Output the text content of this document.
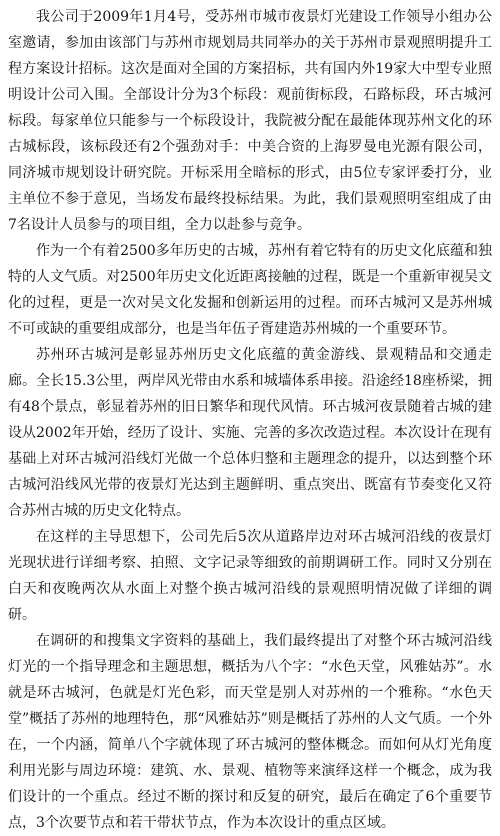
我公司于2009年1月4号，受苏州市城市夜景灯光建设工作领导小组办公室邀请，参加由该部门与苏州市规划局共同举办的关于苏州市景观照明提升工程方案设计招标。这次是面对全国的方案招标，共有国内外19家大中型专业照明设计公司入围。全部设计分为3个标段：观前街标段，石路标段，环古城河标段。每家单位只能参与一个标段设计，我院被分配在最能体现苏州文化的环古城标段，该标段还有2个强劲对手：中美合资的上海罗曼电光源有限公司，同济城市规划设计研究院。开标采用全暗标的形式，由5位专家评委打分，业主单位不参于意见，当场发布最终投标结果。为此，我们景观照明室组成了由7名设计人员参与的项目组，全力以赴参与竞争。

作为一个有着2500多年历史的古城，苏州有着它特有的历史文化底蕴和独特的人文气质。对2500年历史文化近距离接触的过程，既是一个重新审视吴文化的过程，更是一次对吴文化发掘和创新运用的过程。而环古城河又是苏州城不可或缺的重要组成部分，也是当年伍子胥建造苏州城的一个重要环节。

苏州环古城河是彰显苏州历史文化底蕴的黄金游线、景观精品和交通走廊。全长15.3公里，两岸风光带由水系和城墙体系串接。沿途经18座桥梁，拥有48个景点，彰显着苏州的旧日繁华和现代风情。环古城河夜景随着古城的建设从2002年开始，经历了设计、实施、完善的多次改造过程。本次设计在现有基础上对环古城河沿线灯光做一个总体归整和主题理念的提升，以达到整个环古城河沿线风光带的夜景灯光达到主题鲜明、重点突出、既富有节奏变化又符合苏州古城的历史文化特点。

在这样的主导思想下，公司先后5次从道路岸边对环古城河沿线的夜景灯光现状进行详细考察、拍照、文字记录等细致的前期调研工作。同时又分别在白天和夜晚两次从水面上对整个换古城河沿线的景观照明情况做了详细的调研。

在调研的和搜集文字资料的基础上，我们最终提出了对整个环古城河沿线灯光的一个指导理念和主题思想，概括为八个字：“水色天堂，风雅姑苏”。水就是环古城河，色就是灯光色彩，而天堂是别人对苏州的一个雅称。“水色天堂”概括了苏州的地理特色，那“风雅姑苏”则是概括了苏州的人文气质。一个外在，一个内涵，简单八个字就体现了环古城河的整体概念。而如何从灯光角度利用光影与周边环境：建筑、水、景观、植物等来演绎这样一个概念，成为我们设计的一个重点。经过不断的探讨和反复的研究，最后在确定了6个重要节点，3个次要节点和若干带状节点，作为本次设计的重点区域。
